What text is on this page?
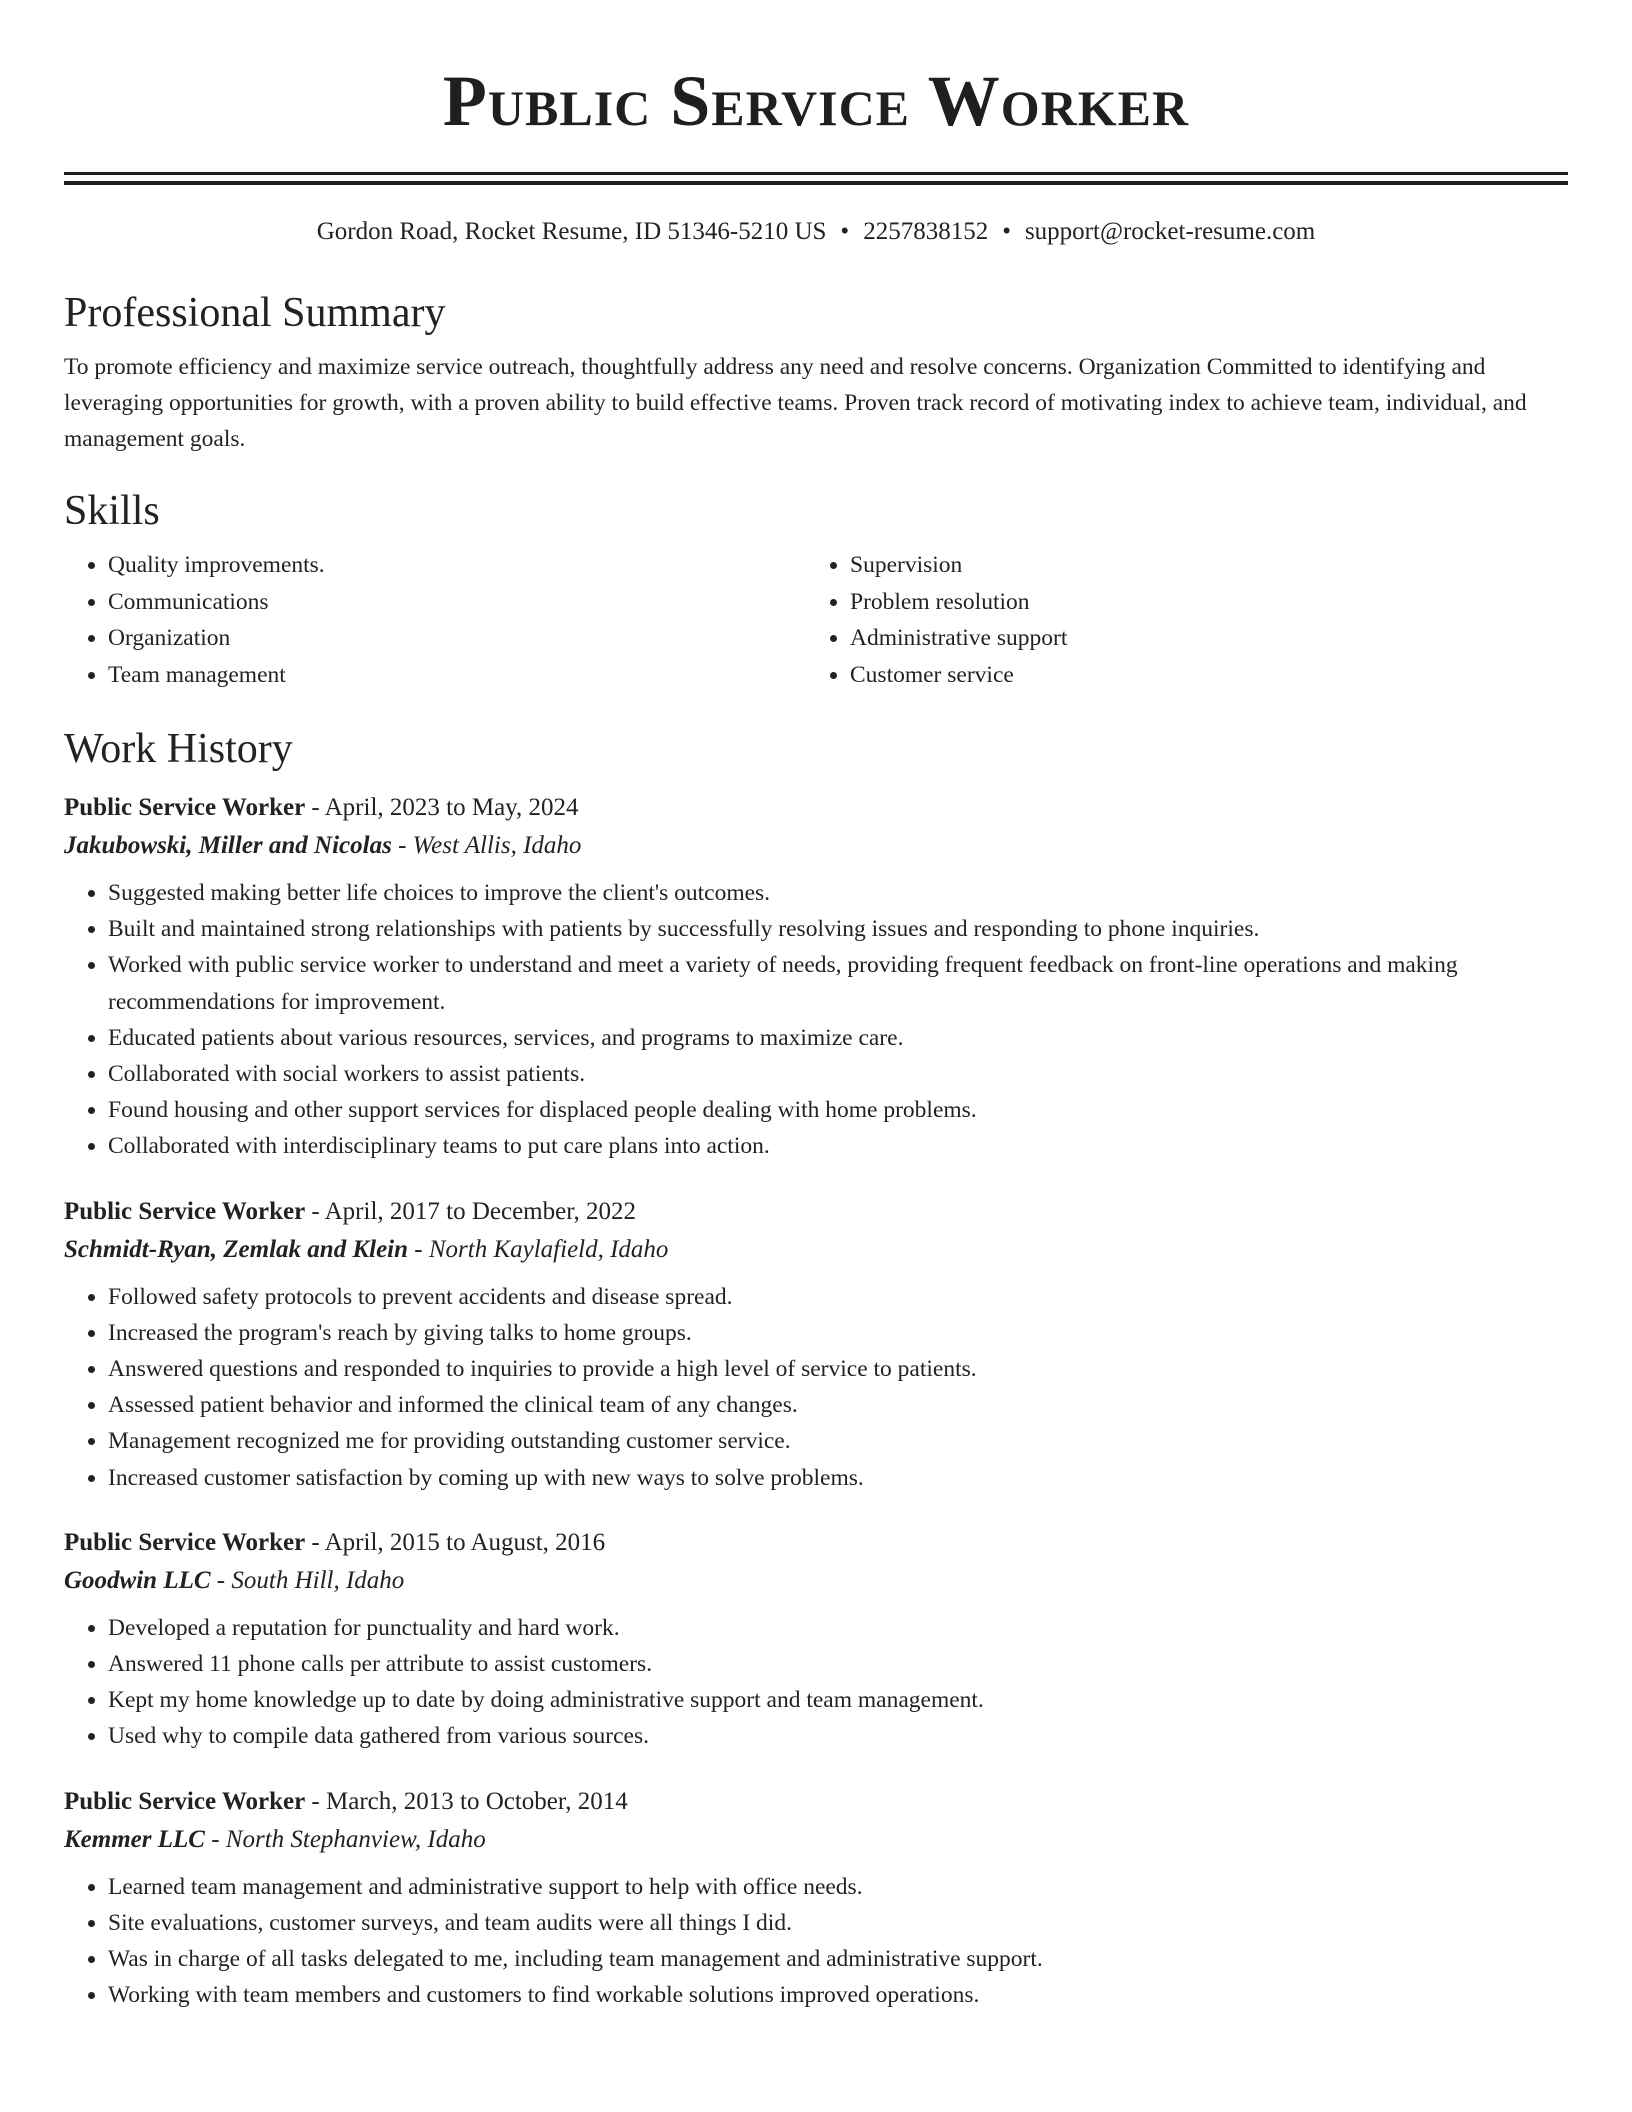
Public Service Worker
Gordon Road, Rocket Resume, ID 51346-5210 US • 2257838152 • support@rocket-resume.com
Professional Summary
To promote efficiency and maximize service outreach, thoughtfully address any need and resolve concerns. Organization Committed to identifying and leveraging opportunities for growth, with a proven ability to build effective teams. Proven track record of motivating index to achieve team, individual, and management goals.
Skills
• Quality improvements.
• Communications
• Organization
• Team management
• Supervision
• Problem resolution
• Administrative support
• Customer service
Work History
Public Service Worker - April, 2023 to May, 2024
Jakubowski, Miller and Nicolas - West Allis, Idaho
• Suggested making better life choices to improve the client's outcomes.
• Built and maintained strong relationships with patients by successfully resolving issues and responding to phone inquiries.
• Worked with public service worker to understand and meet a variety of needs, providing frequent feedback on front-line operations and making recommendations for improvement.
• Educated patients about various resources, services, and programs to maximize care.
• Collaborated with social workers to assist patients.
• Found housing and other support services for displaced people dealing with home problems.
• Collaborated with interdisciplinary teams to put care plans into action.
Public Service Worker - April, 2017 to December, 2022
Schmidt-Ryan, Zemlak and Klein - North Kaylafield, Idaho
• Followed safety protocols to prevent accidents and disease spread.
• Increased the program's reach by giving talks to home groups.
• Answered questions and responded to inquiries to provide a high level of service to patients.
• Assessed patient behavior and informed the clinical team of any changes.
• Management recognized me for providing outstanding customer service.
• Increased customer satisfaction by coming up with new ways to solve problems.
Public Service Worker - April, 2015 to August, 2016
Goodwin LLC - South Hill, Idaho
• Developed a reputation for punctuality and hard work.
• Answered 11 phone calls per attribute to assist customers.
• Kept my home knowledge up to date by doing administrative support and team management.
• Used why to compile data gathered from various sources.
Public Service Worker - March, 2013 to October, 2014
Kemmer LLC - North Stephanview, Idaho
• Learned team management and administrative support to help with office needs.
• Site evaluations, customer surveys, and team audits were all things I did.
• Was in charge of all tasks delegated to me, including team management and administrative support.
• Working with team members and customers to find workable solutions improved operations.
